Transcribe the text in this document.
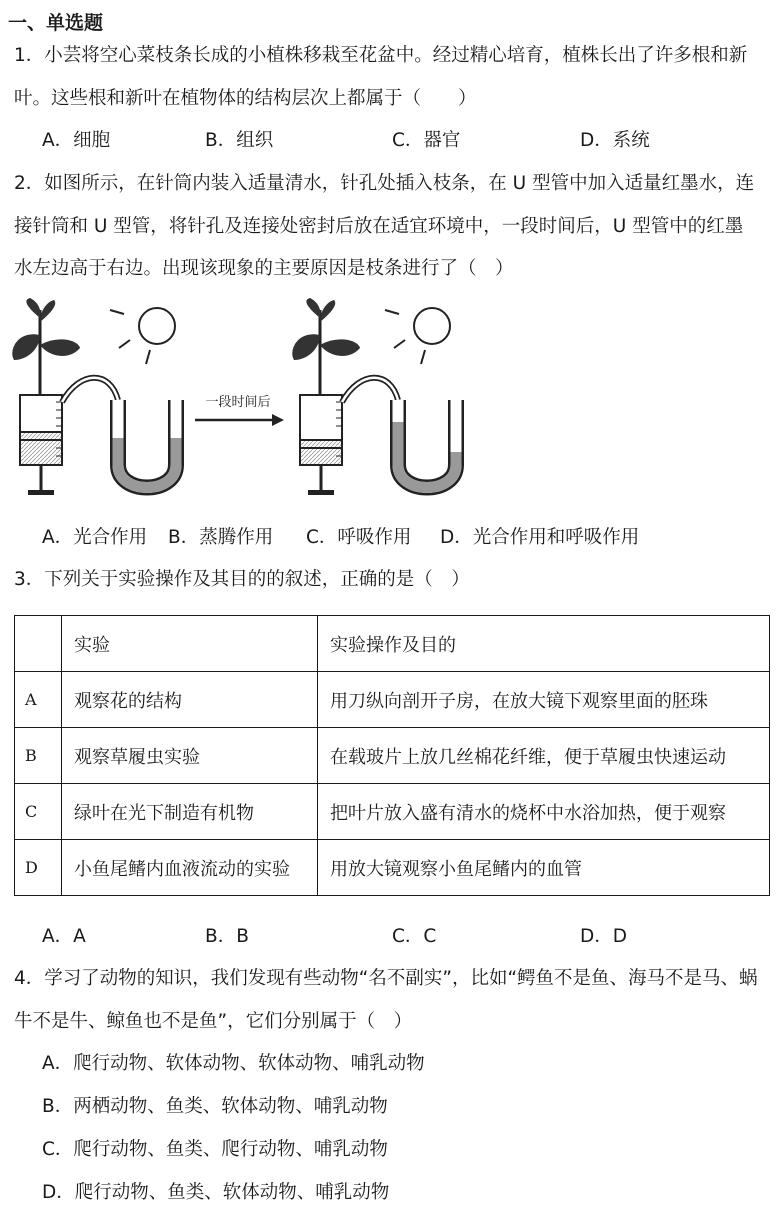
一、单选题
1．小芸将空心菜枝条长成的小植株移栽至花盆中。经过精心培育，植株长出了许多根和新
叶。这些根和新叶在植物体的结构层次上都属于（　　）
A．细胞	B．组织	C．器官	D．系统
2．如图所示，在针筒内装入适量清水，针孔处插入枝条，在 U 型管中加入适量红墨水，连
接针筒和 U 型管，将针孔及连接处密封后放在适宜环境中，一段时间后，U 型管中的红墨
水左边高于右边。出现该现象的主要原因是枝条进行了（　）
一段时间后
A．光合作用 B．蒸腾作用 C．呼吸作用 D．光合作用和呼吸作用
3．下列关于实验操作及其目的的叙述，正确的是（　）
	实验	实验操作及目的
A	观察花的结构	用刀纵向剖开子房，在放大镜下观察里面的胚珠
B	观察草履虫实验	在载玻片上放几丝棉花纤维，便于草履虫快速运动
C	绿叶在光下制造有机物	把叶片放入盛有清水的烧杯中水浴加热，便于观察
D	小鱼尾鳍内血液流动的实验	用放大镜观察小鱼尾鳍内的血管
A．A	B．B	C．C	D．D
4．学习了动物的知识，我们发现有些动物“名不副实”，比如“鳄鱼不是鱼、海马不是马、蜗
牛不是牛、鲸鱼也不是鱼”，它们分别属于（　）
A．爬行动物、软体动物、软体动物、哺乳动物
B．两栖动物、鱼类、软体动物、哺乳动物
C．爬行动物、鱼类、爬行动物、哺乳动物
D．爬行动物、鱼类、软体动物、哺乳动物
